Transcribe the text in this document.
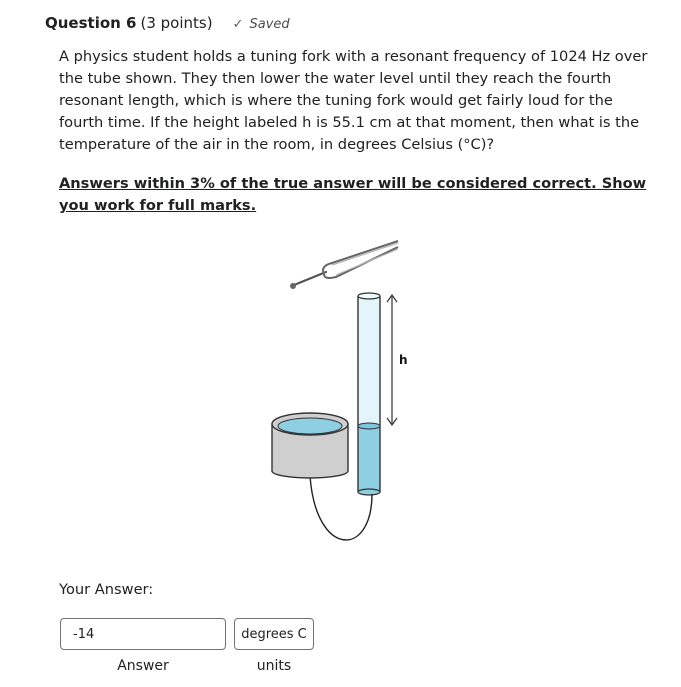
Question 6 (3 points) ✓ Saved

A physics student holds a tuning fork with a resonant frequency of 1024 Hz over the tube shown. They then lower the water level until they reach the fourth resonant length, which is where the tuning fork would get fairly loud for the fourth time. If the height labeled h is 55.1 cm at that moment, then what is the temperature of the air in the room, in degrees Celsius (°C)?

Answers within 3% of the true answer will be considered correct. Show you work for full marks.

h
Your Answer:
-14
degrees C
Answer	units
